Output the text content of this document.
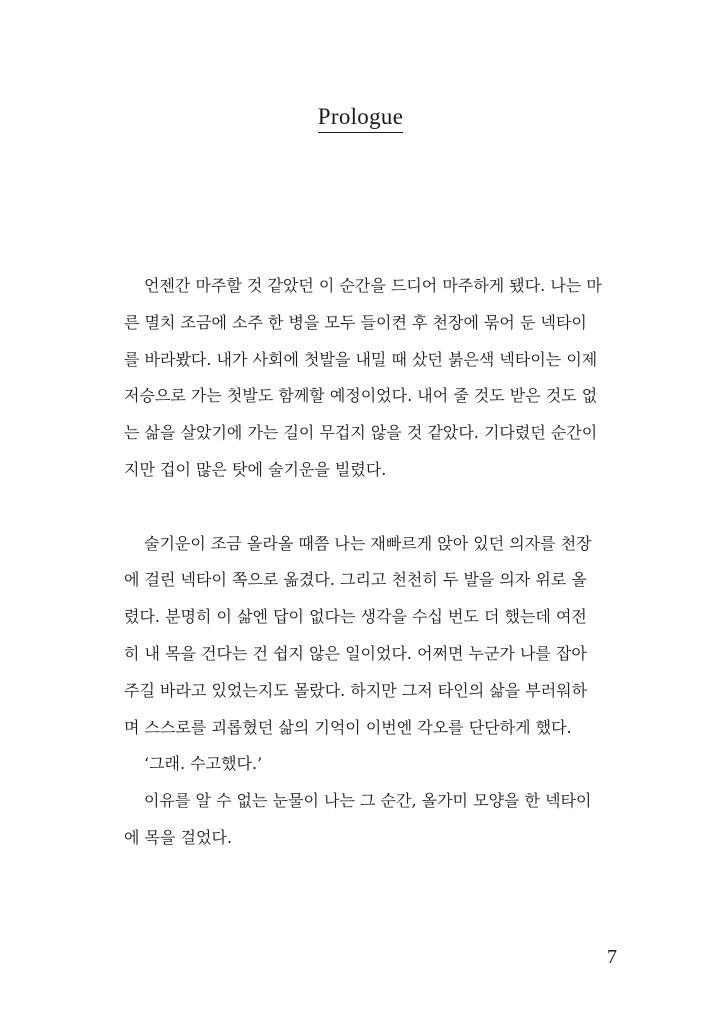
Prologue
언젠간 마주할 것 같았던 이 순간을 드디어 마주하게 됐다. 나는 마
른 멸치 조금에 소주 한 병을 모두 들이켠 후 천장에 묶어 둔 넥타이
를 바라봤다. 내가 사회에 첫발을 내밀 때 샀던 붉은색 넥타이는 이제
저승으로 가는 첫발도 함께할 예정이었다. 내어 줄 것도 받은 것도 없
는 삶을 살았기에 가는 길이 무겁지 않을 것 같았다. 기다렸던 순간이
지만 겁이 많은 탓에 술기운을 빌렸다.
술기운이 조금 올라올 때쯤 나는 재빠르게 앉아 있던 의자를 천장
에 걸린 넥타이 쪽으로 옮겼다. 그리고 천천히 두 발을 의자 위로 올
렸다. 분명히 이 삶엔 답이 없다는 생각을 수십 번도 더 했는데 여전
히 내 목을 건다는 건 쉽지 않은 일이었다. 어쩌면 누군가 나를 잡아
주길 바라고 있었는지도 몰랐다. 하지만 그저 타인의 삶을 부러워하
며 스스로를 괴롭혔던 삶의 기억이 이번엔 각오를 단단하게 했다.
‘그래. 수고했다.’
이유를 알 수 없는 눈물이 나는 그 순간, 올가미 모양을 한 넥타이
에 목을 걸었다.
7
